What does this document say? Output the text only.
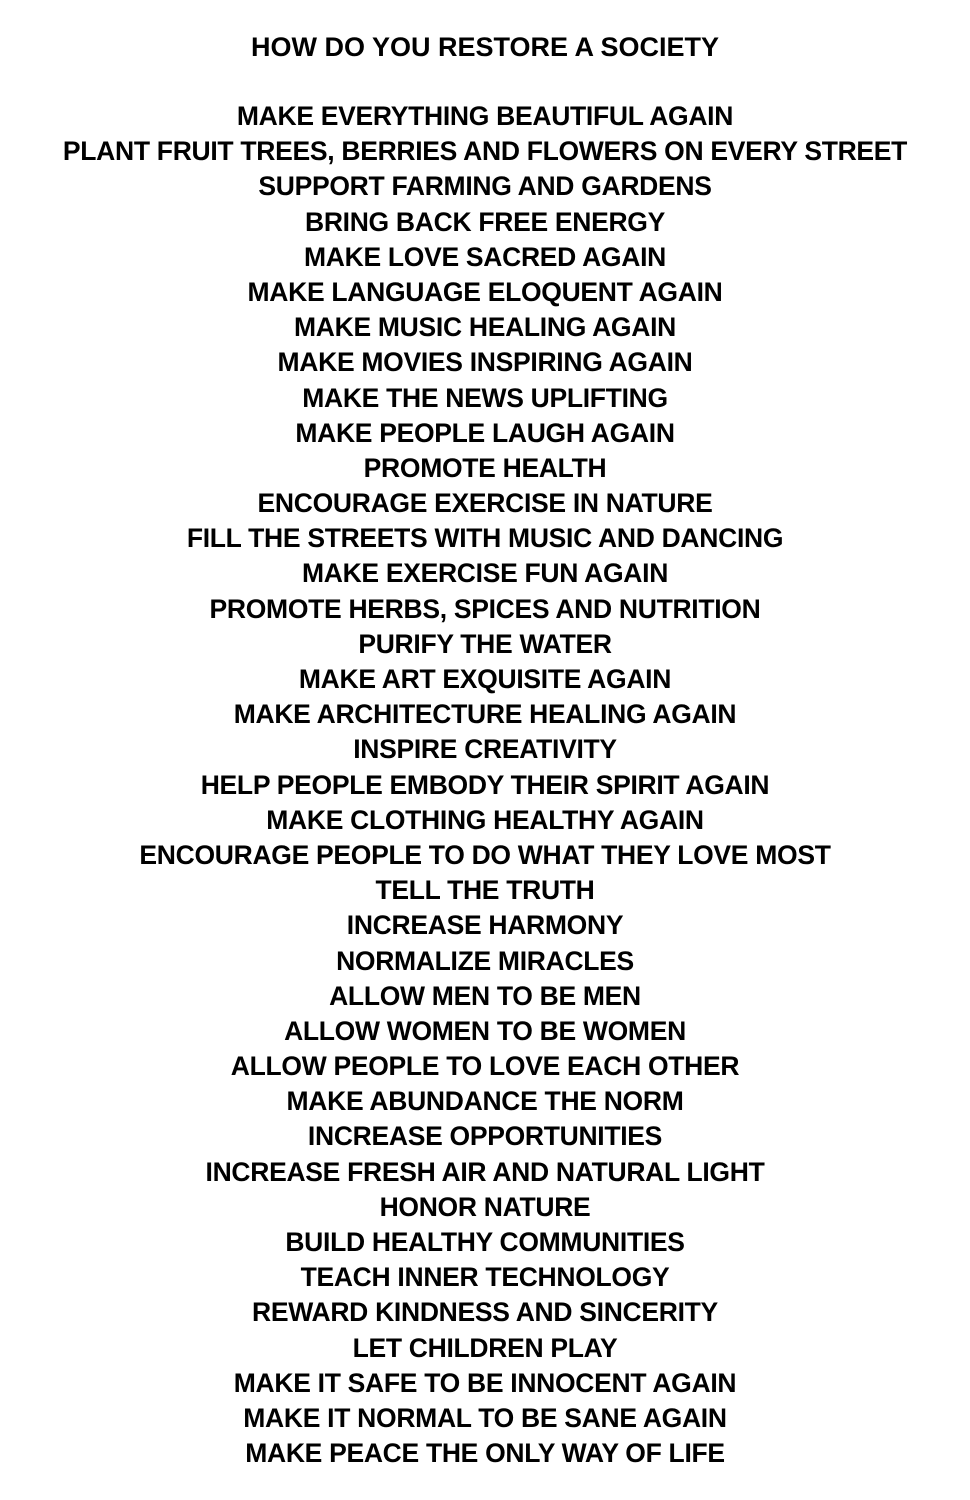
HOW DO YOU RESTORE A SOCIETY
MAKE EVERYTHING BEAUTIFUL AGAIN
PLANT FRUIT TREES, BERRIES AND FLOWERS ON EVERY STREET
SUPPORT FARMING AND GARDENS
BRING BACK FREE ENERGY
MAKE LOVE SACRED AGAIN
MAKE LANGUAGE ELOQUENT AGAIN
MAKE MUSIC HEALING AGAIN
MAKE MOVIES INSPIRING AGAIN
MAKE THE NEWS UPLIFTING
MAKE PEOPLE LAUGH AGAIN
PROMOTE HEALTH
ENCOURAGE EXERCISE IN NATURE
FILL THE STREETS WITH MUSIC AND DANCING
MAKE EXERCISE FUN AGAIN
PROMOTE HERBS, SPICES AND NUTRITION
PURIFY THE WATER
MAKE ART EXQUISITE AGAIN
MAKE ARCHITECTURE HEALING AGAIN
INSPIRE CREATIVITY
HELP PEOPLE EMBODY THEIR SPIRIT AGAIN
MAKE CLOTHING HEALTHY AGAIN
ENCOURAGE PEOPLE TO DO WHAT THEY LOVE MOST
TELL THE TRUTH
INCREASE HARMONY
NORMALIZE MIRACLES
ALLOW MEN TO BE MEN
ALLOW WOMEN TO BE WOMEN
ALLOW PEOPLE TO LOVE EACH OTHER
MAKE ABUNDANCE THE NORM
INCREASE OPPORTUNITIES
INCREASE FRESH AIR AND NATURAL LIGHT
HONOR NATURE
BUILD HEALTHY COMMUNITIES
TEACH INNER TECHNOLOGY
REWARD KINDNESS AND SINCERITY
LET CHILDREN PLAY
MAKE IT SAFE TO BE INNOCENT AGAIN
MAKE IT NORMAL TO BE SANE AGAIN
MAKE PEACE THE ONLY WAY OF LIFE
